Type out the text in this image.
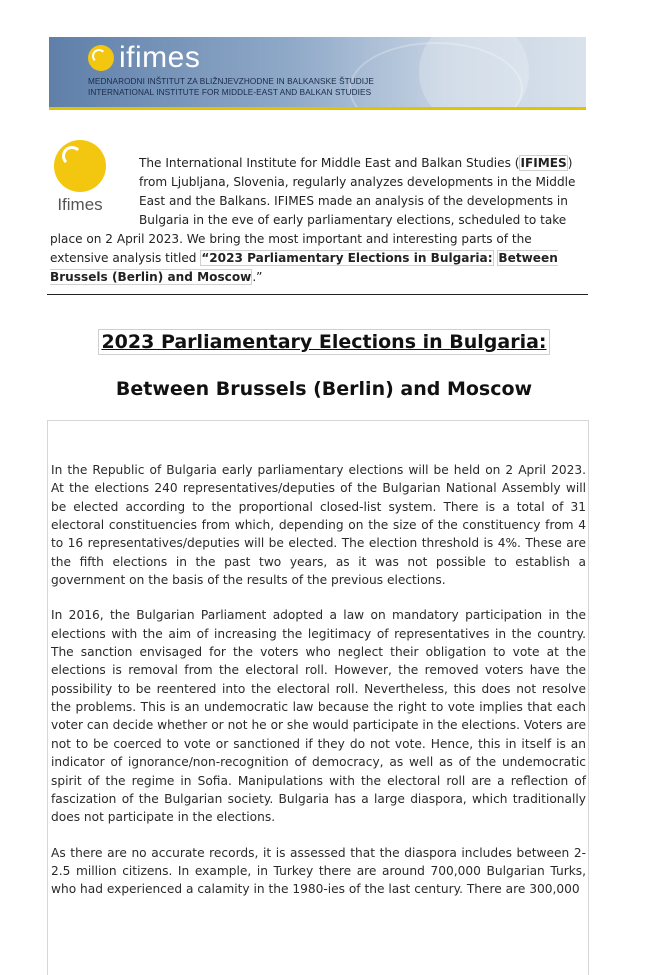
ifimes
MEDNARODNI INŠTITUT ZA BLIŽNJEVZHODNE IN BALKANSKE ŠTUDIJE
INTERNATIONAL INSTITUTE FOR MIDDLE-EAST AND BALKAN STUDIES
Ifimes
The International Institute for Middle East and Balkan Studies (IFIMES) from Ljubljana, Slovenia, regularly analyzes developments in the Middle East and the Balkans. IFIMES made an analysis of the developments in Bulgaria in the eve of early parliamentary elections, scheduled to take place on 2 April 2023. We bring the most important and interesting parts of the extensive analysis titled “2023 Parliamentary Elections in Bulgaria: Between Brussels (Berlin) and Moscow.”
2023 Parliamentary Elections in Bulgaria:
Between Brussels (Berlin) and Moscow

In the Republic of Bulgaria early parliamentary elections will be held on 2 April 2023. At the elections 240 representatives/deputies of the Bulgarian National Assembly will be elected according to the proportional closed-list system. There is a total of 31 electoral constituencies from which, depending on the size of the constituency from 4 to 16 representatives/deputies will be elected. The election threshold is 4%. These are the fifth elections in the past two years, as it was not possible to establish a government on the basis of the results of the previous elections.

In 2016, the Bulgarian Parliament adopted a law on mandatory participation in the elections with the aim of increasing the legitimacy of representatives in the country. The sanction envisaged for the voters who neglect their obligation to vote at the elections is removal from the electoral roll. However, the removed voters have the possibility to be reentered into the electoral roll. Nevertheless, this does not resolve the problems. This is an undemocratic law because the right to vote implies that each voter can decide whether or not he or she would participate in the elections. Voters are not to be coerced to vote or sanctioned if they do not vote. Hence, this in itself is an indicator of ignorance/non-recognition of democracy, as well as of the undemocratic spirit of the regime in Sofia. Manipulations with the electoral roll are a reflection of fascization of the Bulgarian society. Bulgaria has a large diaspora, which traditionally does not participate in the elections.

As there are no accurate records, it is assessed that the diaspora includes between 2-2.5 million citizens. In example, in Turkey there are around 700,000 Bulgarian Turks, who had experienced a calamity in the 1980-ies of the last century. There are 300,000
